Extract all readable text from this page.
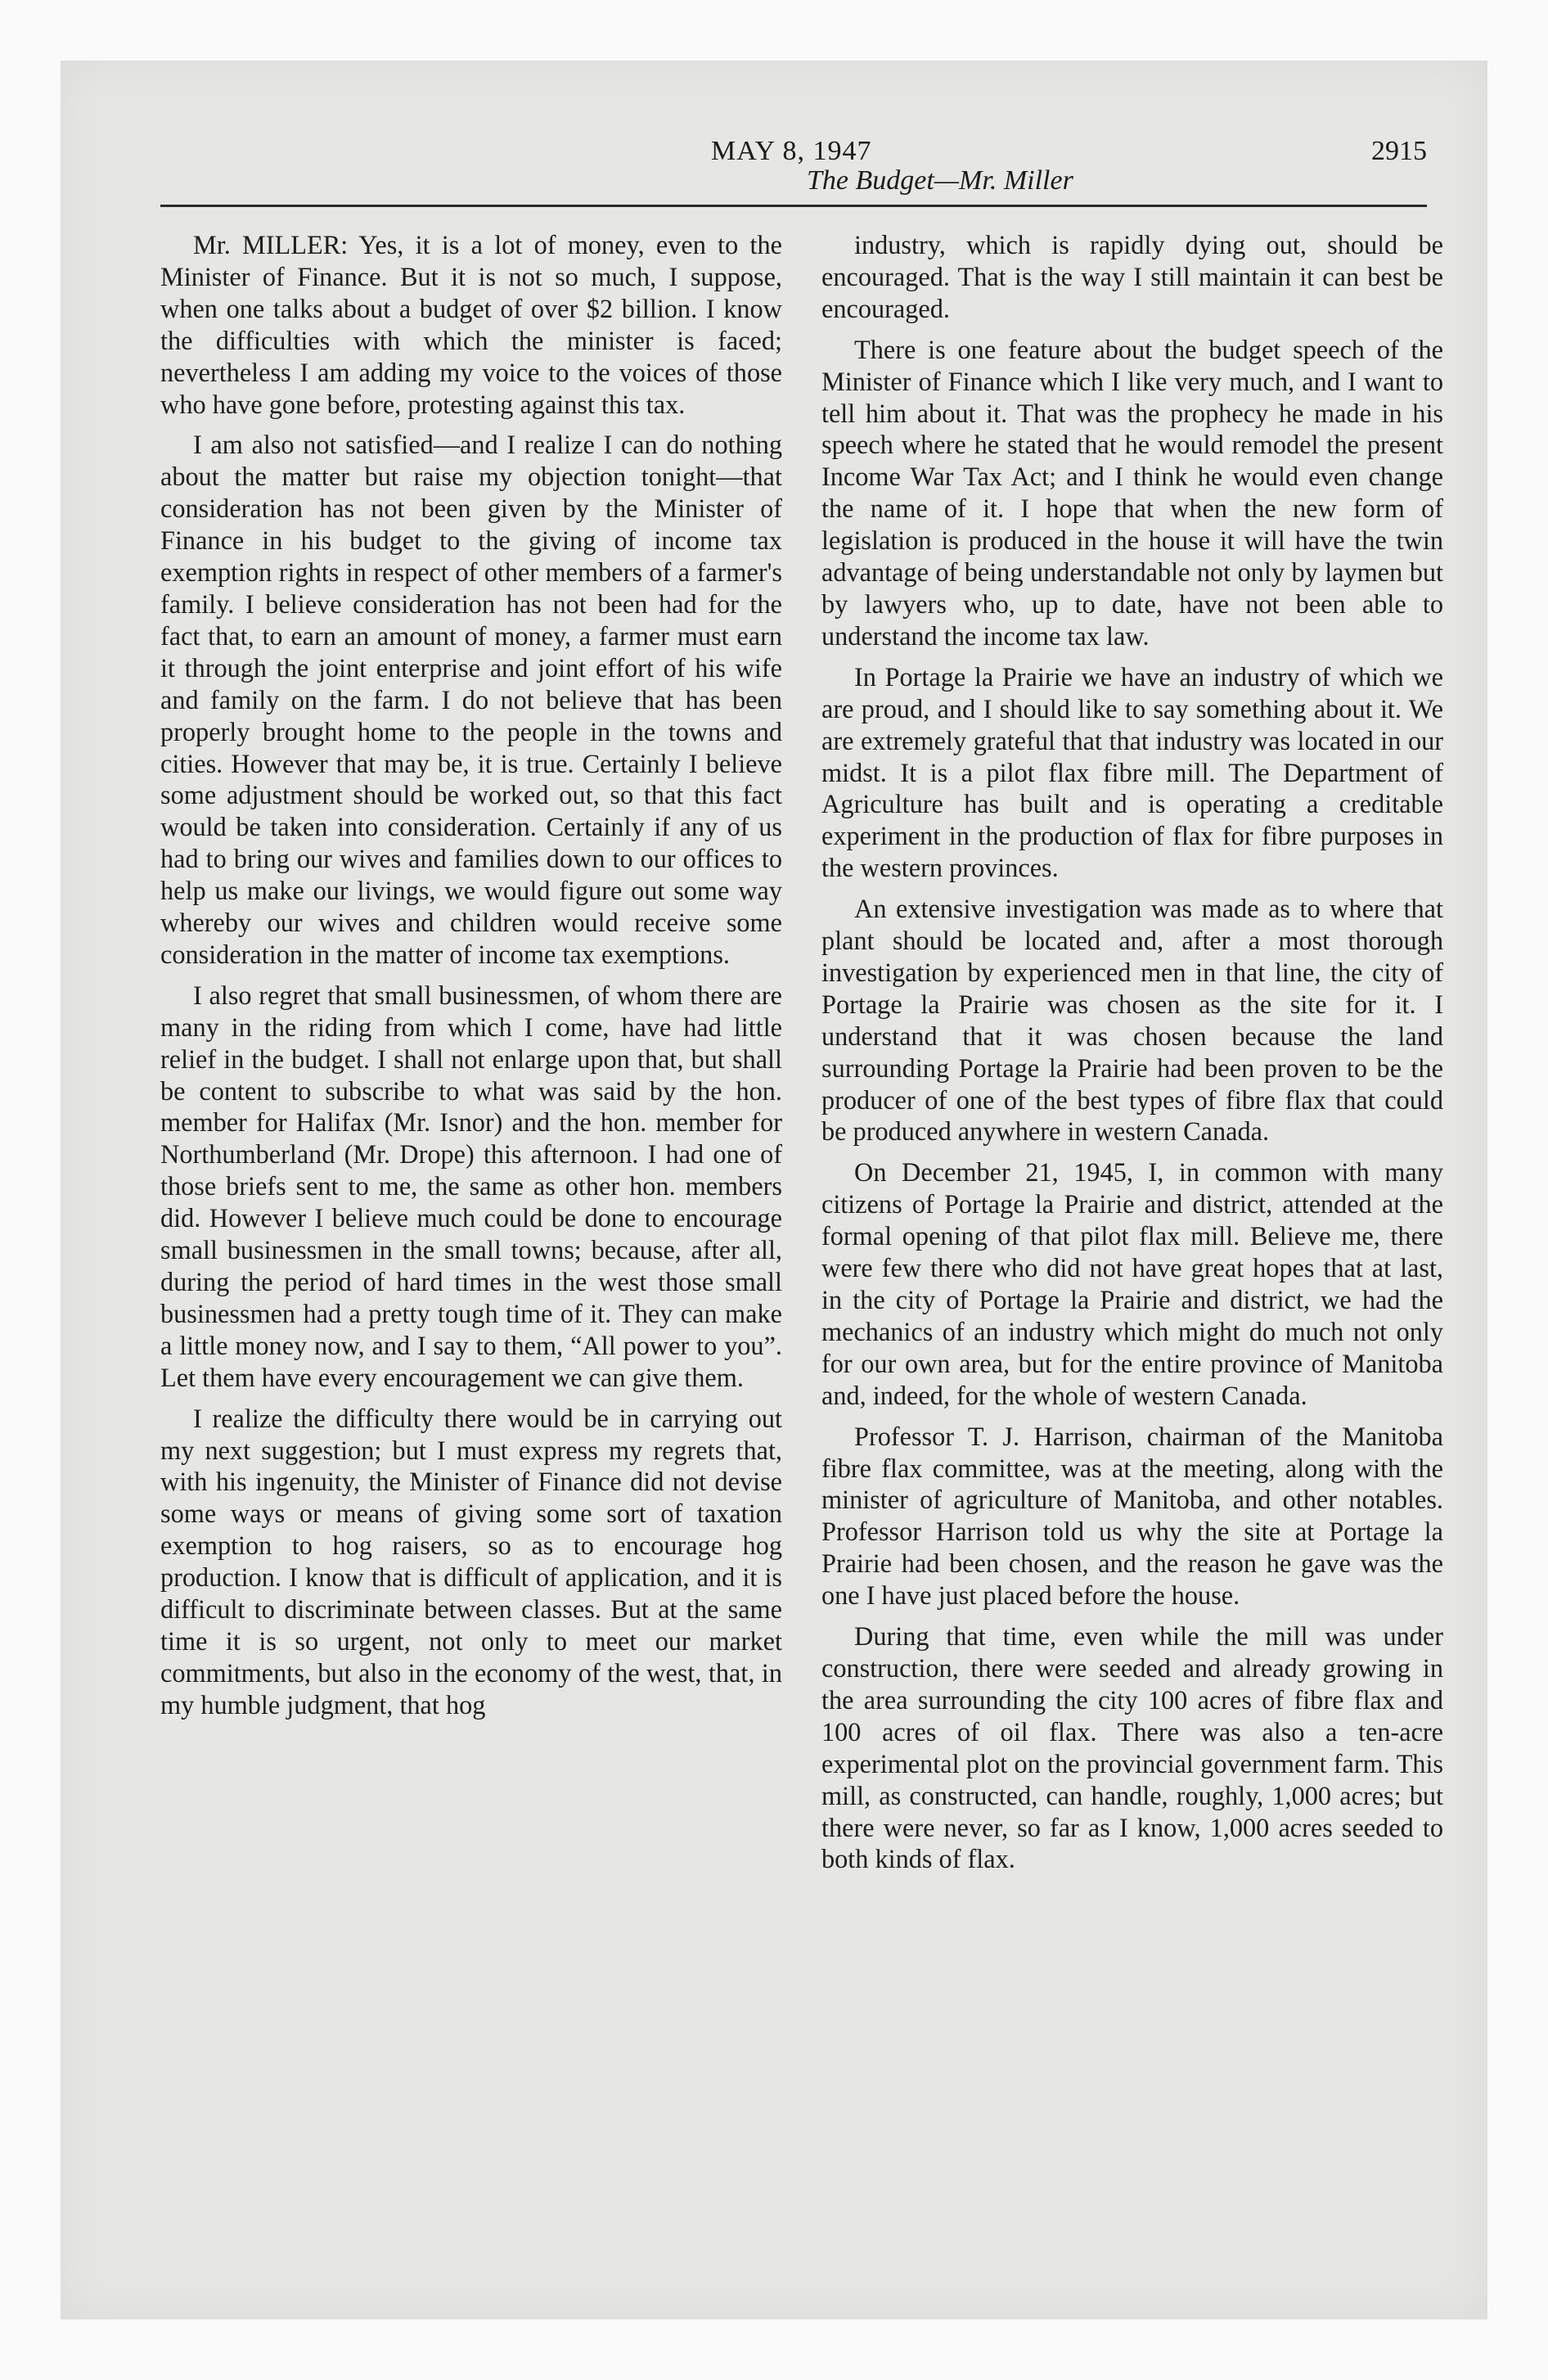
MAY 8, 1947	2915
The Budget—Mr. Miller

Mr. MILLER: Yes, it is a lot of money, even to the Minister of Finance. But it is not so much, I suppose, when one talks about a budget of over $2 billion. I know the difficulties with which the minister is faced; nevertheless I am adding my voice to the voices of those who have gone before, protesting against this tax.

I am also not satisfied—and I realize I can do nothing about the matter but raise my objection tonight—that consideration has not been given by the Minister of Finance in his budget to the giving of income tax exemption rights in respect of other members of a farmer's family. I believe consideration has not been had for the fact that, to earn an amount of money, a farmer must earn it through the joint enterprise and joint effort of his wife and family on the farm. I do not believe that has been properly brought home to the people in the towns and cities. However that may be, it is true. Certainly I believe some adjustment should be worked out, so that this fact would be taken into consideration. Certainly if any of us had to bring our wives and families down to our offices to help us make our livings, we would figure out some way whereby our wives and children would receive some consideration in the matter of income tax exemptions.

I also regret that small businessmen, of whom there are many in the riding from which I come, have had little relief in the budget. I shall not enlarge upon that, but shall be content to subscribe to what was said by the hon. member for Halifax (Mr. Isnor) and the hon. member for Northumberland (Mr. Drope) this afternoon. I had one of those briefs sent to me, the same as other hon. members did. However I believe much could be done to encourage small businessmen in the small towns; because, after all, during the period of hard times in the west those small businessmen had a pretty tough time of it. They can make a little money now, and I say to them, “All power to you”. Let them have every encouragement we can give them.

I realize the difficulty there would be in carrying out my next suggestion; but I must express my regrets that, with his ingenuity, the Minister of Finance did not devise some ways or means of giving some sort of taxation exemption to hog raisers, so as to encourage hog production. I know that is difficult of application, and it is difficult to discriminate between classes. But at the same time it is so urgent, not only to meet our market commitments, but also in the economy of the west, that, in my humble judgment, that hog

industry, which is rapidly dying out, should be encouraged. That is the way I still maintain it can best be encouraged.

There is one feature about the budget speech of the Minister of Finance which I like very much, and I want to tell him about it. That was the prophecy he made in his speech where he stated that he would remodel the present Income War Tax Act; and I think he would even change the name of it. I hope that when the new form of legislation is produced in the house it will have the twin advantage of being understandable not only by laymen but by lawyers who, up to date, have not been able to understand the income tax law.

In Portage la Prairie we have an industry of which we are proud, and I should like to say something about it. We are extremely grateful that that industry was located in our midst. It is a pilot flax fibre mill. The Department of Agriculture has built and is operating a creditable experiment in the production of flax for fibre purposes in the western provinces.

An extensive investigation was made as to where that plant should be located and, after a most thorough investigation by experienced men in that line, the city of Portage la Prairie was chosen as the site for it. I understand that it was chosen because the land surrounding Portage la Prairie had been proven to be the producer of one of the best types of fibre flax that could be produced anywhere in western Canada.

On December 21, 1945, I, in common with many citizens of Portage la Prairie and district, attended at the formal opening of that pilot flax mill. Believe me, there were few there who did not have great hopes that at last, in the city of Portage la Prairie and district, we had the mechanics of an industry which might do much not only for our own area, but for the entire province of Manitoba and, indeed, for the whole of western Canada.

Professor T. J. Harrison, chairman of the Manitoba fibre flax committee, was at the meeting, along with the minister of agriculture of Manitoba, and other notables. Professor Harrison told us why the site at Portage la Prairie had been chosen, and the reason he gave was the one I have just placed before the house.

During that time, even while the mill was under construction, there were seeded and already growing in the area surrounding the city 100 acres of fibre flax and 100 acres of oil flax. There was also a ten-acre experimental plot on the provincial government farm. This mill, as constructed, can handle, roughly, 1,000 acres; but there were never, so far as I know, 1,000 acres seeded to both kinds of flax.
